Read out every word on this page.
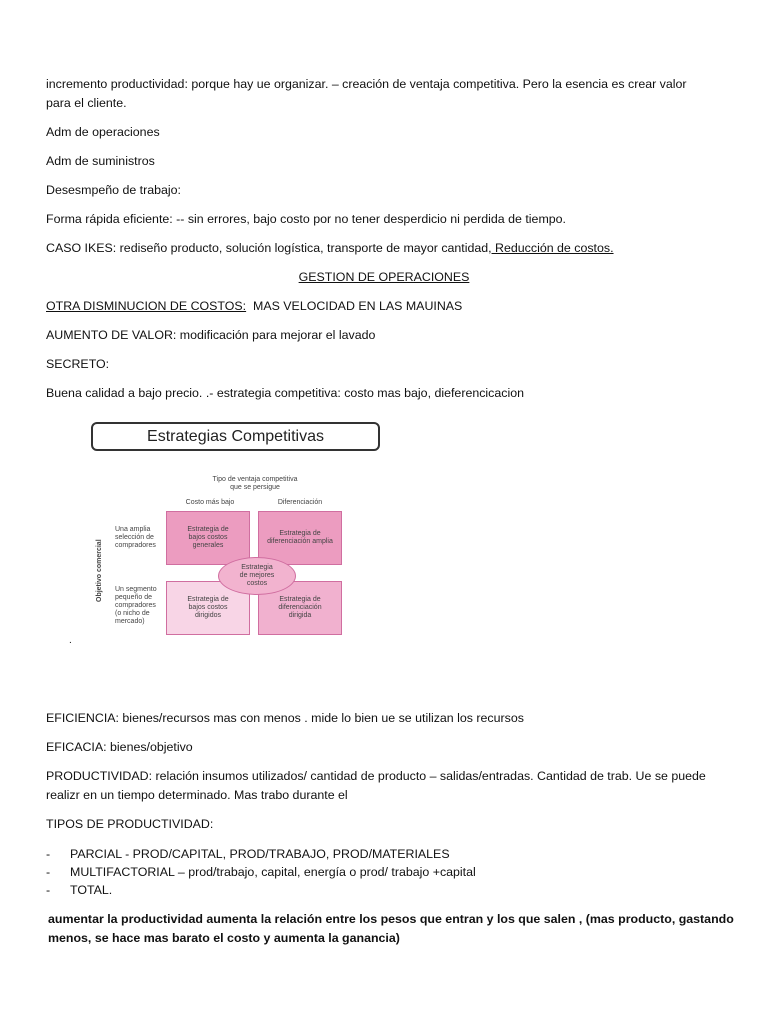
incremento productividad: porque hay ue organizar. – creación de ventaja competitiva. Pero la esencia es crear valor

para el cliente.

Adm de operaciones

Adm de suministros

Desesmpeño de trabajo:

Forma rápida eficiente: -- sin errores, bajo costo por no tener desperdicio ni perdida de tiempo.

CASO IKES: rediseño producto, solución logística, transporte de mayor cantidad, Reducción de costos.

GESTION DE OPERACIONES

OTRA DISMINUCION DE COSTOS:  MAS VELOCIDAD EN LAS MAUINAS

AUMENTO DE VALOR: modificación para mejorar el lavado

SECRETO:

Buena calidad a bajo precio. .- estrategia competitiva: costo mas bajo, dieferencicacion

Estrategias Competitivas
Tipo de ventaja competitiva
que se persigue
Costo más bajo	Diferenciación
Objetivo comercial
Una amplia
selección de
compradores
Un segmento
pequeño de
compradores
(o nicho de
mercado)
Estrategia de
bajos costos
generales
Estrategia de
diferenciación amplia
Estrategia de
bajos costos
dirigidos
Estrategia de
diferenciación
dirigida
Estrategia
de mejores
costos
.

EFICIENCIA: bienes/recursos mas con menos . mide lo bien ue se utilizan los recursos

EFICACIA: bienes/objetivo

PRODUCTIVIDAD: relación insumos utilizados/ cantidad de producto – salidas/entradas. Cantidad de trab. Ue se puede

realizr en un tiempo determinado. Mas trabo durante el

TIPOS DE PRODUCTIVIDAD:

- PARCIAL - PROD/CAPITAL, PROD/TRABAJO, PROD/MATERIALES
- MULTIFACTORIAL – prod/trabajo, capital, energía o prod/ trabajo +capital
- TOTAL.

aumentar la productividad aumenta la relación entre los pesos que entran y los que salen , (mas producto, gastando

menos, se hace mas barato el costo y aumenta la ganancia)
